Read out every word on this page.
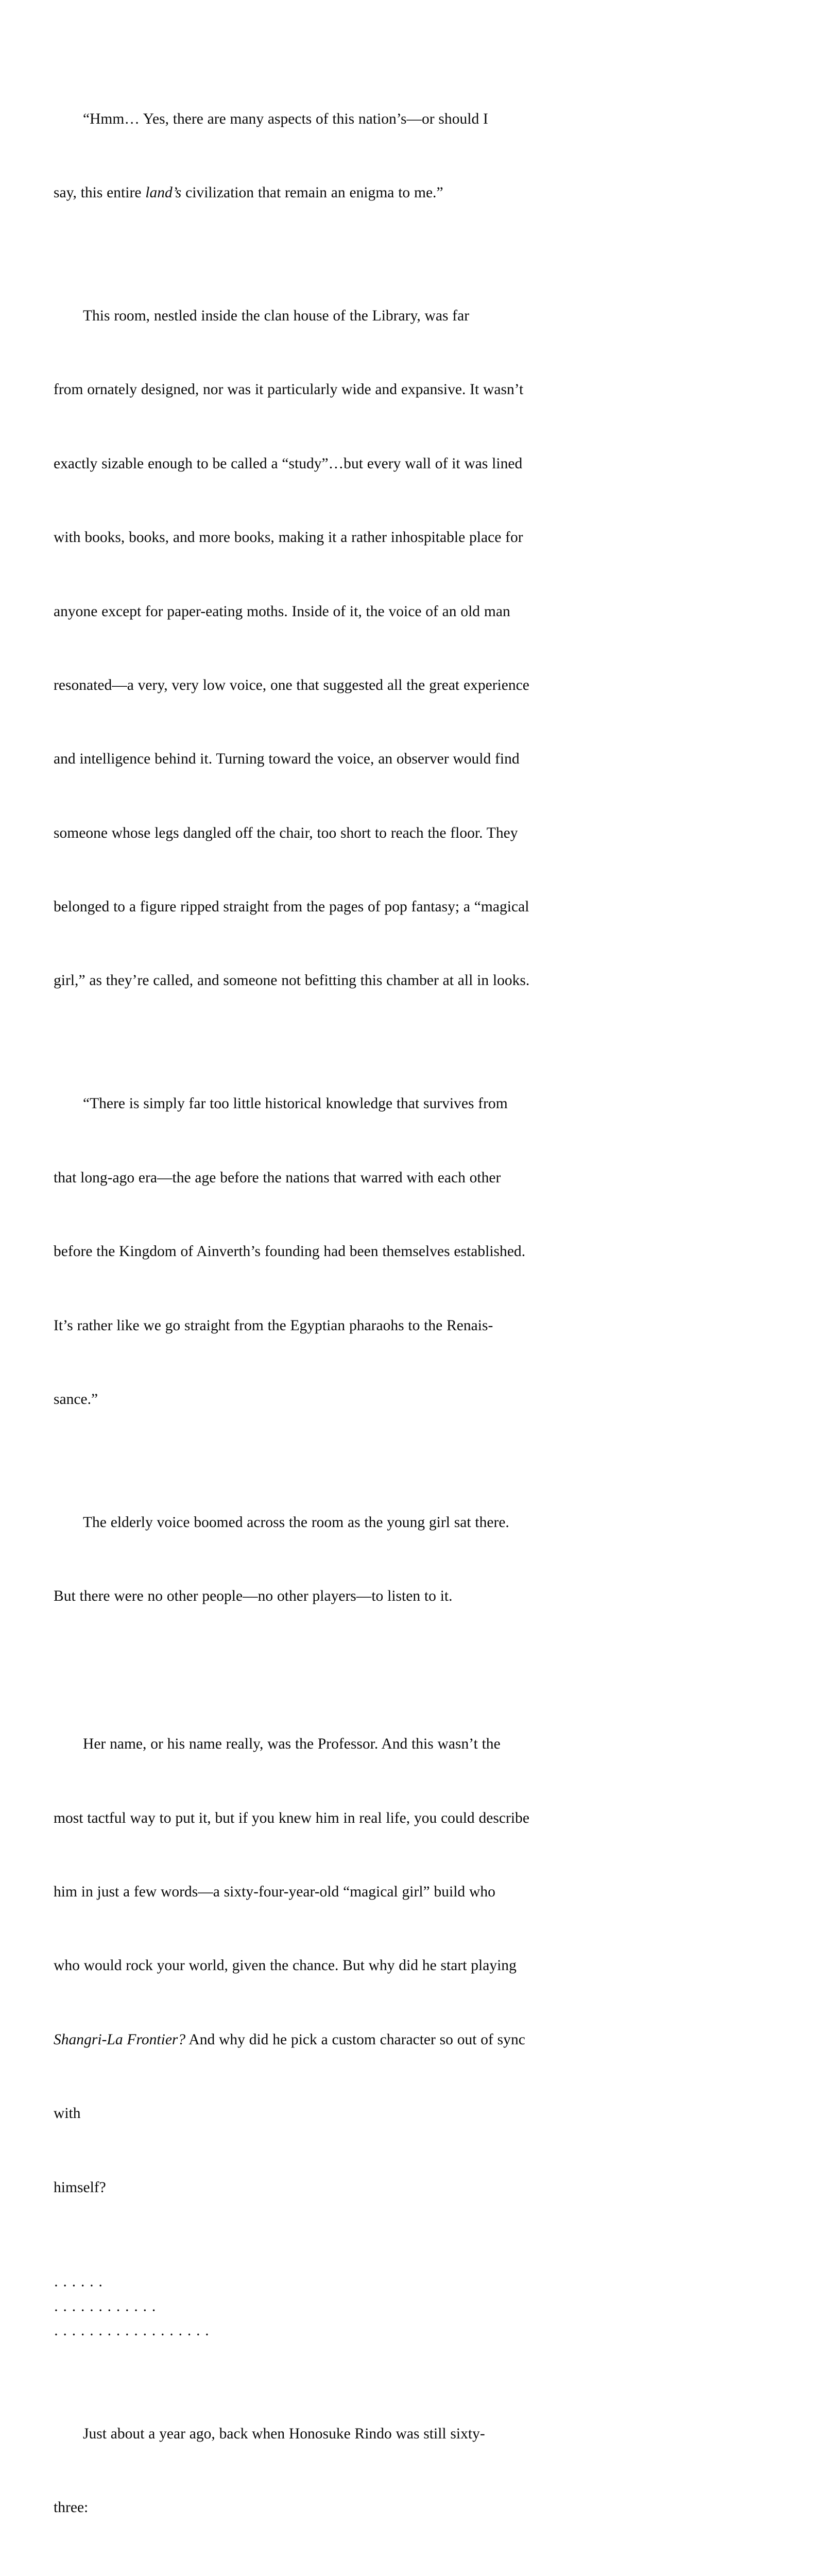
“Hmm… Yes, there are many aspects of this nation’s—or should I

say, this entire land’s civilization that remain an enigma to me.”

This room, nestled inside the clan house of the Library, was far

from ornately designed, nor was it particularly wide and expansive. It wasn’t

exactly sizable enough to be called a “study”…but every wall of it was lined

with books, books, and more books, making it a rather inhospitable place for

anyone except for paper-eating moths. Inside of it, the voice of an old man

resonated—a very, very low voice, one that suggested all the great experience

and intelligence behind it. Turning toward the voice, an observer would find

someone whose legs dangled off the chair, too short to reach the floor. They

belonged to a figure ripped straight from the pages of pop fantasy; a “magical

girl,” as they’re called, and someone not befitting this chamber at all in looks.

“There is simply far too little historical knowledge that survives from

that long-ago era—the age before the nations that warred with each other

before the Kingdom of Ainverth’s founding had been themselves established.

It’s rather like we go straight from the Egyptian pharaohs to the Renais-

sance.”

The elderly voice boomed across the room as the young girl sat there.

But there were no other people—no other players—to listen to it.

Her name, or his name really, was the Professor. And this wasn’t the

most tactful way to put it, but if you knew him in real life, you could describe

him in just a few words—a sixty-four-year-old “magical girl” build who

who would rock your world, given the chance. But why did he start playing

Shangri-La Frontier? And why did he pick a custom character so out of sync

with

himself?

· · · · · ·
· · · · · · · · · · · ·
· · · · · · · · · · · · · · · · · ·

Just about a year ago, back when Honosuke Rindo was still sixty-

three:
